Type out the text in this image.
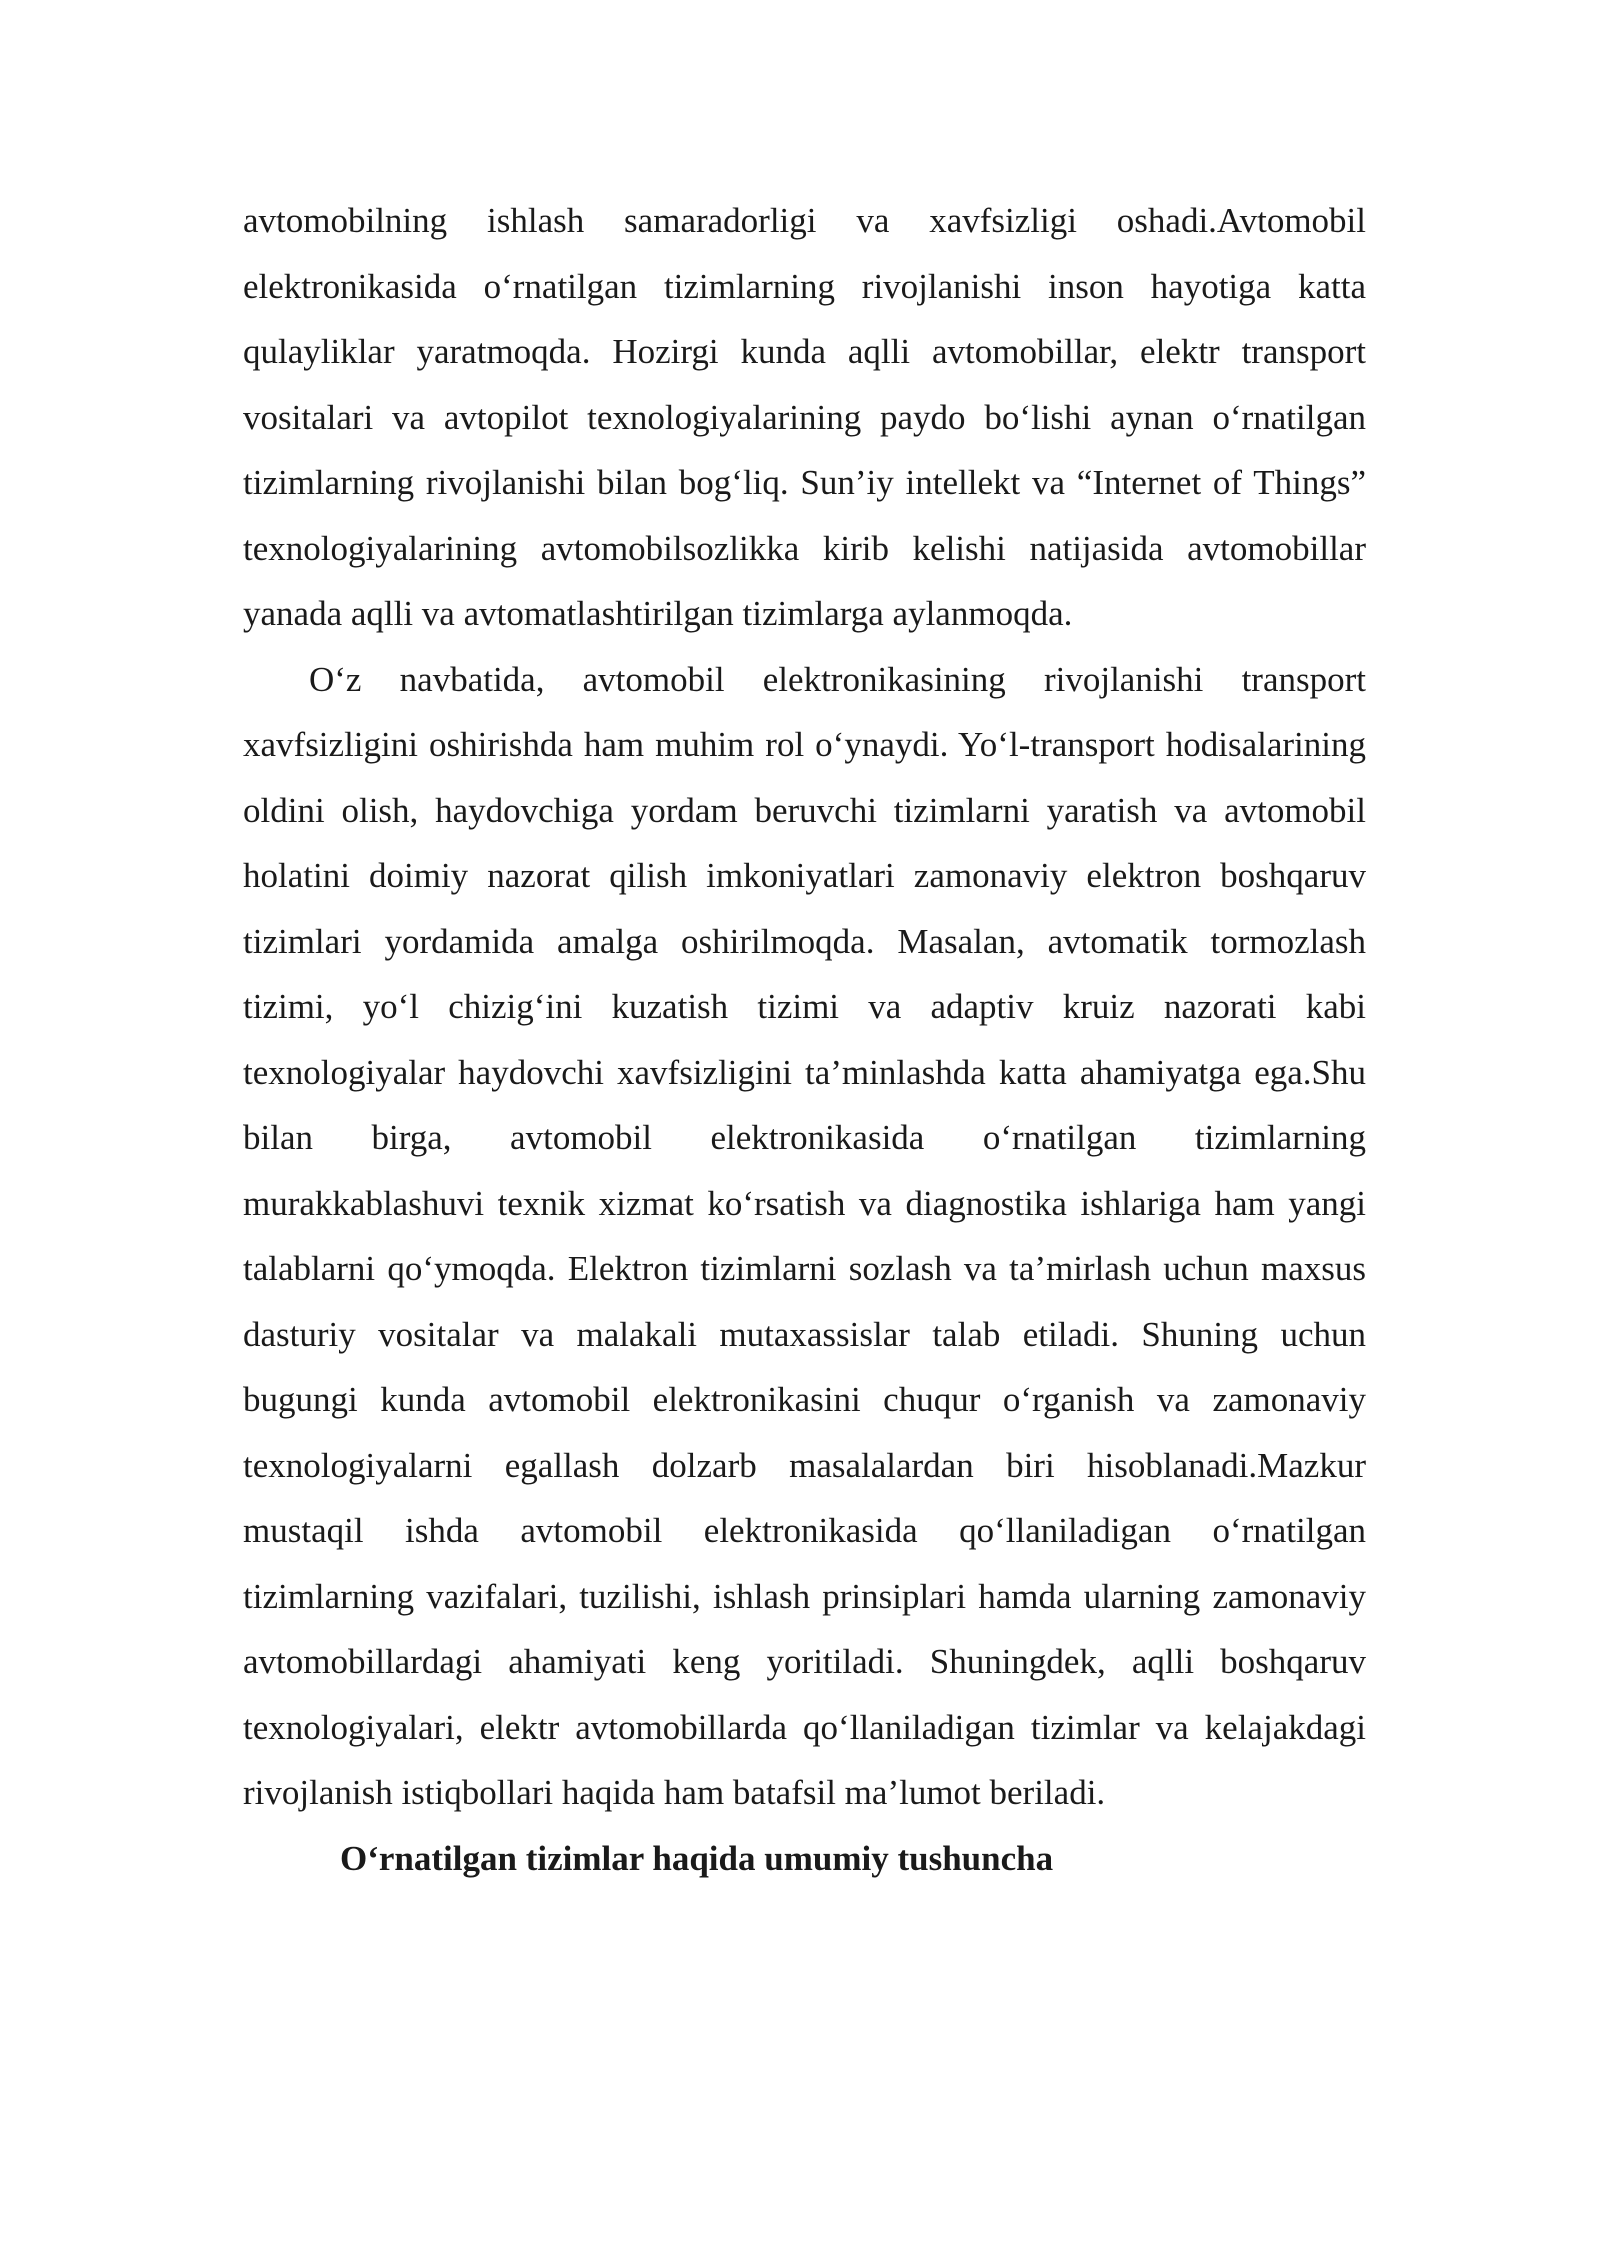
avtomobilning ishlash samaradorligi va xavfsizligi oshadi.Avtomobil elektronikasida o‘rnatilgan tizimlarning rivojlanishi inson hayotiga katta qulayliklar yaratmoqda. Hozirgi kunda aqlli avtomobillar, elektr transport vositalari va avtopilot texnologiyalarining paydo bo‘lishi aynan o‘rnatilgan tizimlarning rivojlanishi bilan bog‘liq. Sun’iy intellekt va “Internet of Things” texnologiyalarining avtomobilsozlikka kirib kelishi natijasida avtomobillar yanada aqlli va avtomatlashtirilgan tizimlarga aylanmoqda.

O‘z navbatida, avtomobil elektronikasining rivojlanishi transport xavfsizligini oshirishda ham muhim rol o‘ynaydi. Yo‘l-transport hodisalarining oldini olish, haydovchiga yordam beruvchi tizimlarni yaratish va avtomobil holatini doimiy nazorat qilish imkoniyatlari zamonaviy elektron boshqaruv tizimlari yordamida amalga oshirilmoqda. Masalan, avtomatik tormozlash tizimi, yo‘l chizig‘ini kuzatish tizimi va adaptiv kruiz nazorati kabi texnologiyalar haydovchi xavfsizligini ta’minlashda katta ahamiyatga ega.Shu bilan birga, avtomobil elektronikasida o‘rnatilgan tizimlarning murakkablashuvi texnik xizmat ko‘rsatish va diagnostika ishlariga ham yangi talablarni qo‘ymoqda. Elektron tizimlarni sozlash va ta’mirlash uchun maxsus dasturiy vositalar va malakali mutaxassislar talab etiladi. Shuning uchun bugungi kunda avtomobil elektronikasini chuqur o‘rganish va zamonaviy texnologiyalarni egallash dolzarb masalalardan biri hisoblanadi.Mazkur mustaqil ishda avtomobil elektronikasida qo‘llaniladigan o‘rnatilgan tizimlarning vazifalari, tuzilishi, ishlash prinsiplari hamda ularning zamonaviy avtomobillardagi ahamiyati keng yoritiladi. Shuningdek, aqlli boshqaruv texnologiyalari, elektr avtomobillarda qo‘llaniladigan tizimlar va kelajakdagi rivojlanish istiqbollari haqida ham batafsil ma’lumot beriladi.

O‘rnatilgan tizimlar haqida umumiy tushuncha
